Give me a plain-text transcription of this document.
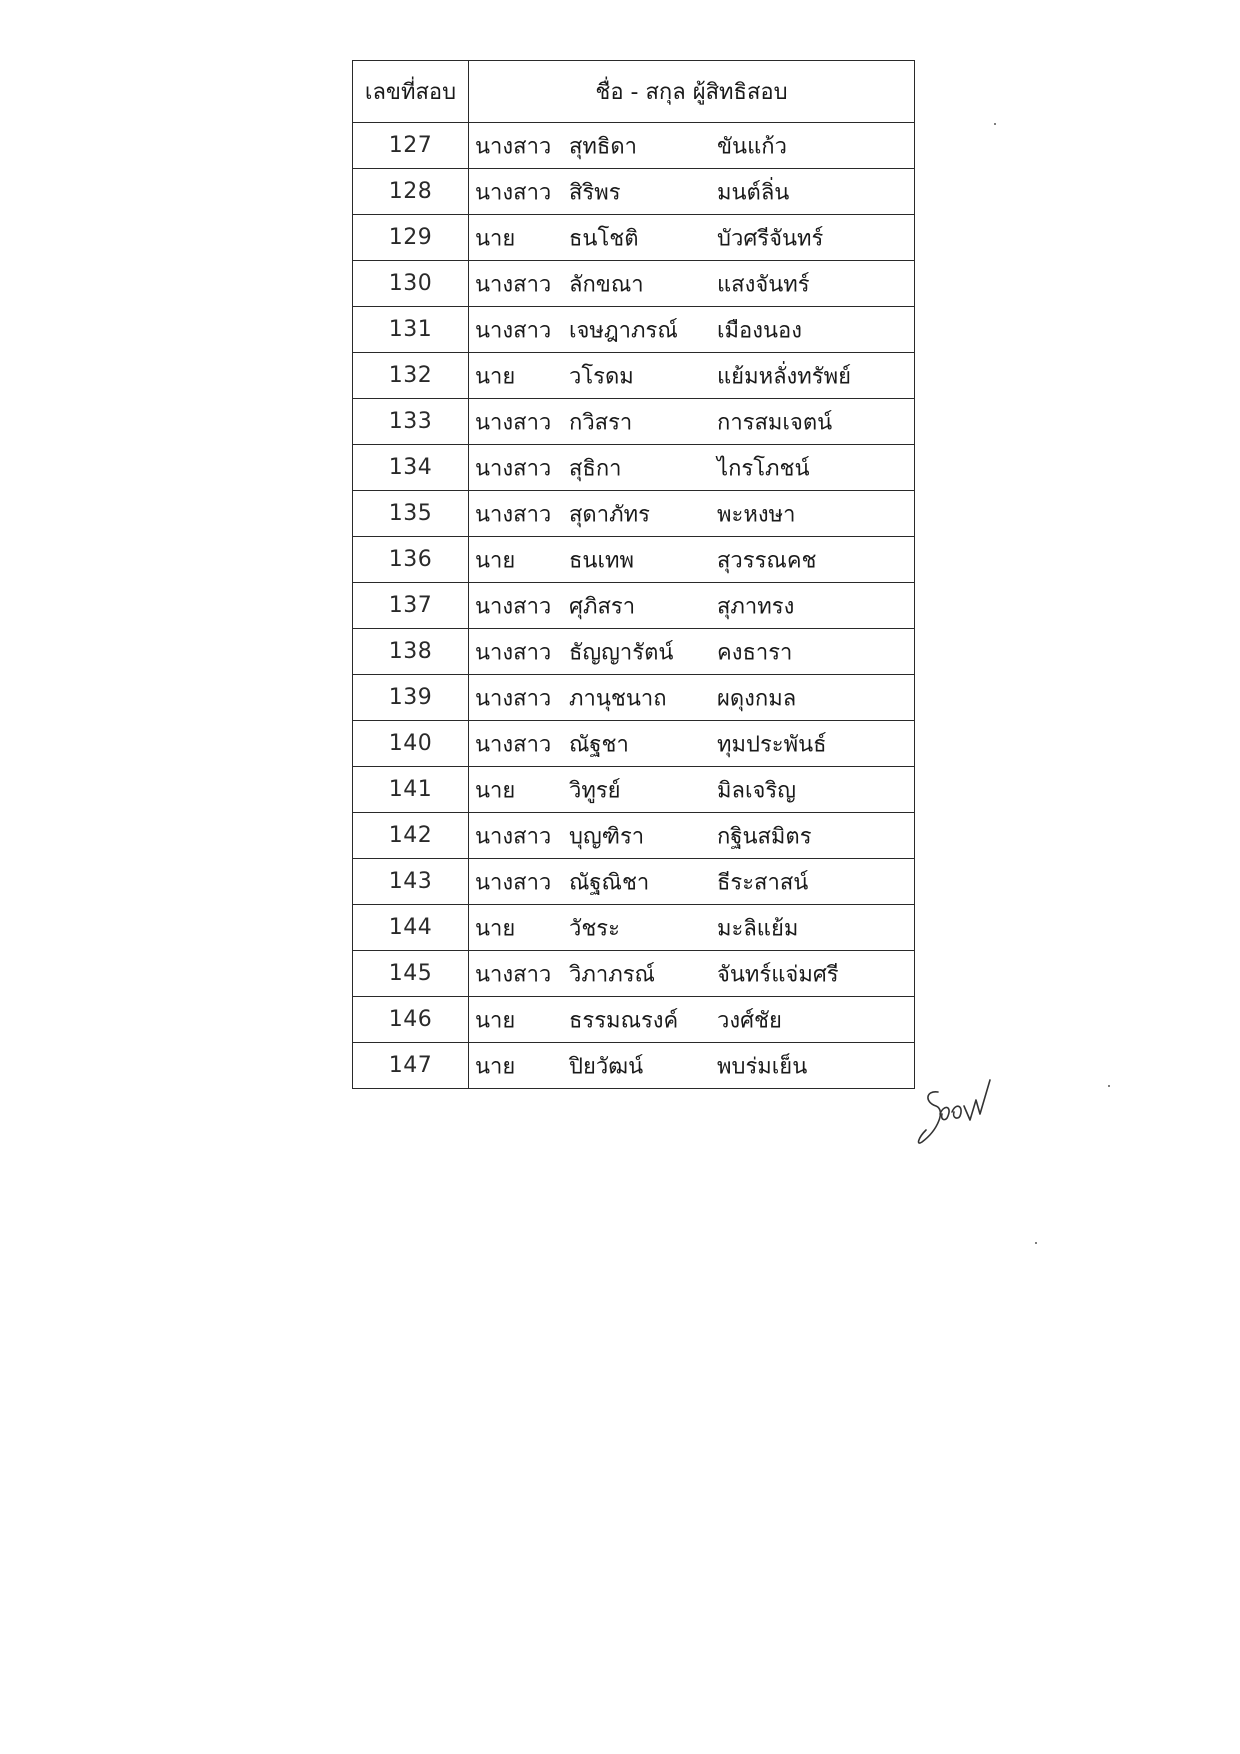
เลขที่สอบ	ชื่อ - สกุล ผู้สิทธิสอบ
127	นางสาว สุทธิดา ขันแก้ว

128	นางสาว สิริพร มนต์ลิ่น

129	นาย ธนโชติ บัวศรีจันทร์

130	นางสาว ลักขณา แสงจันทร์

131	นางสาว เจษฎาภรณ์ เมืองนอง

132	นาย วโรดม แย้มหลั่งทรัพย์

133	นางสาว กวิสรา การสมเจตน์

134	นางสาว สุธิกา ไกรโภชน์

135	นางสาว สุดาภัทร พะหงษา

136	นาย ธนเทพ สุวรรณคช

137	นางสาว ศุภิสรา สุภาทรง

138	นางสาว ธัญญารัตน์ คงธารา

139	นางสาว ภานุชนาถ ผดุงกมล

140	นางสาว ณัฐชา ทุมประพันธ์

141	นาย วิทูรย์ มิลเจริญ

142	นางสาว บุญฑิรา กฐินสมิตร

143	นางสาว ณัฐณิชา ธีระสาสน์

144	นาย วัชระ มะลิแย้ม

145	นางสาว วิภาภรณ์ จันทร์แจ่มศรี

146	นาย ธรรมณรงค์ วงศ์ชัย

147	นาย ปิยวัฒน์ พบร่มเย็น
